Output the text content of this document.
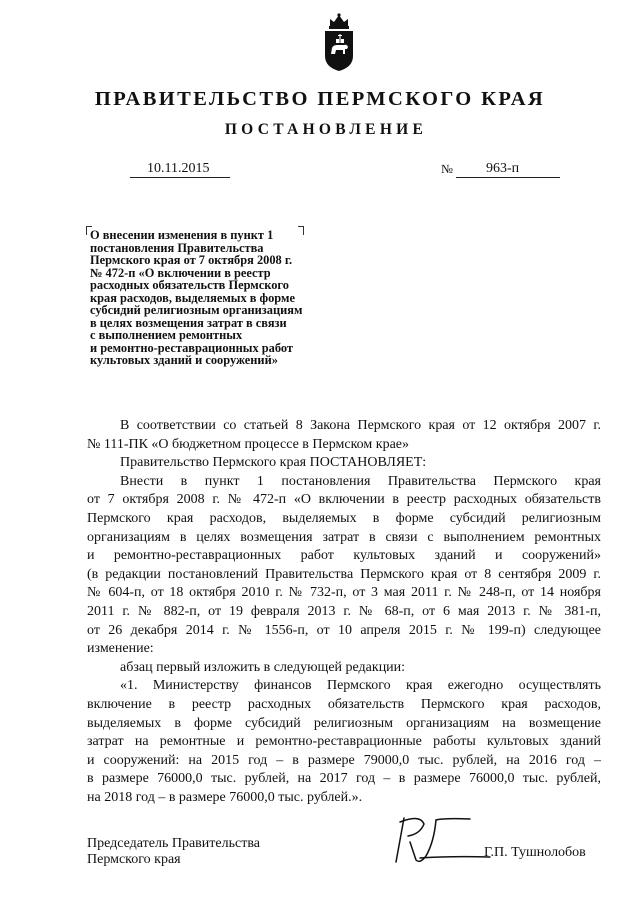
ПРАВИТЕЛЬСТВО ПЕРМСКОГО КРАЯ
ПОСТАНОВЛЕНИЕ
10.11.2015	№ 963-п
О внесении изменения в пункт 1
постановления Правительства
Пермского края от 7 октября 2008 г.
№ 472-п «О включении в реестр
расходных обязательств Пермского
края расходов, выделяемых в форме
субсидий религиозным организациям
в целях возмещения затрат в связи
с выполнением ремонтных
и ремонтно-реставрационных работ
культовых зданий и сооружений»
В соответствии со статьей 8 Закона Пермского края от 12 октября 2007 г.
№ 111-ПК «О бюджетном процессе в Пермском крае»
Правительство Пермского края ПОСТАНОВЛЯЕТ:
Внести в пункт 1 постановления Правительства Пермского края
от 7 октября 2008 г. № 472-п «О включении в реестр расходных обязательств
Пермского края расходов, выделяемых в форме субсидий религиозным
организациям в целях возмещения затрат в связи с выполнением ремонтных
и ремонтно-реставрационных работ культовых зданий и сооружений»
(в редакции постановлений Правительства Пермского края от 8 сентября 2009 г.
№ 604-п, от 18 октября 2010 г. № 732-п, от 3 мая 2011 г. № 248-п, от 14 ноября
2011 г. № 882-п, от 19 февраля 2013 г. № 68-п, от 6 мая 2013 г. № 381-п,
от 26 декабря 2014 г. № 1556-п, от 10 апреля 2015 г. № 199-п) следующее
изменение:
абзац первый изложить в следующей редакции:
«1. Министерству финансов Пермского края ежегодно осуществлять
включение в реестр расходных обязательств Пермского края расходов,
выделяемых в форме субсидий религиозным организациям на возмещение
затрат на ремонтные и ремонтно-реставрационные работы культовых зданий
и сооружений: на 2015 год – в размере 79000,0 тыс. рублей, на 2016 год –
в размере 76000,0 тыс. рублей, на 2017 год – в размере 76000,0 тыс. рублей,
на 2018 год – в размере 76000,0 тыс. рублей.».
Председатель Правительства
Пермского края	Г.П. Тушнолобов
